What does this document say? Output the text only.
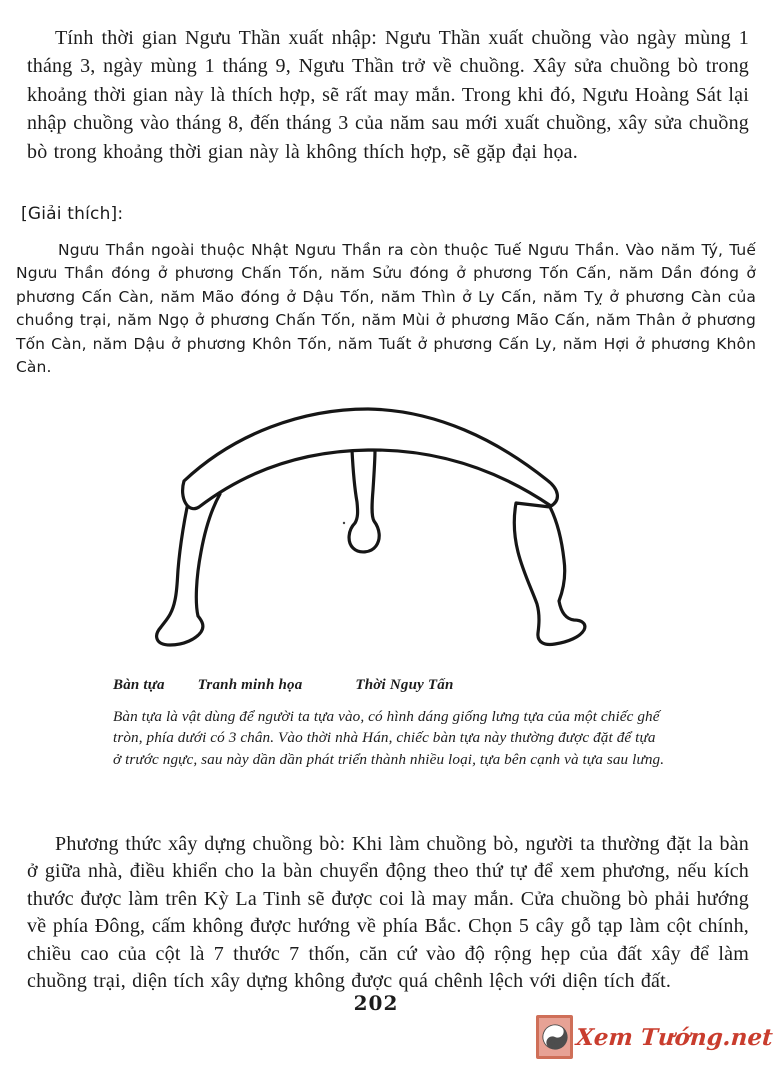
Tính thời gian Ngưu Thần xuất nhập: Ngưu Thần xuất chuồng vào ngày mùng 1 tháng 3, ngày mùng 1 tháng 9, Ngưu Thần trở về chuồng. Xây sửa chuồng bò trong khoảng thời gian này là thích hợp, sẽ rất may mắn. Trong khi đó, Ngưu Hoàng Sát lại nhập chuồng vào tháng 8, đến tháng 3 của năm sau mới xuất chuồng, xây sửa chuồng bò trong khoảng thời gian này là không thích hợp, sẽ gặp đại họa.

[Giải thích]:

Ngưu Thần ngoài thuộc Nhật Ngưu Thần ra còn thuộc Tuế Ngưu Thần. Vào năm Tý, Tuế Ngưu Thần đóng ở phương Chấn Tốn, năm Sửu đóng ở phương Tốn Cấn, năm Dần đóng ở phương Cấn Càn, năm Mão đóng ở Dậu Tốn, năm Thìn ở Ly Cấn, năm Tỵ ở phương Càn của chuồng trại, năm Ngọ ở phương Chấn Tốn, năm Mùi ở phương Mão Cấn, năm Thân ở phương Tốn Càn, năm Dậu ở phương Khôn Tốn, năm Tuất ở phương Cấn Ly, năm Hợi ở phương Khôn Càn.

Bàn tựa Tranh minh họa	Thời Nguy Tấn

Bàn tựa là vật dùng để người ta tựa vào, có hình dáng giống lưng tựa của một chiếc ghế tròn, phía dưới có 3 chân. Vào thời nhà Hán, chiếc bàn tựa này thường được đặt để tựa ở trước ngực, sau này dần dần phát triển thành nhiều loại, tựa bên cạnh và tựa sau lưng.

Phương thức xây dựng chuồng bò: Khi làm chuồng bò, người ta thường đặt la bàn ở giữa nhà, điều khiển cho la bàn chuyển động theo thứ tự để xem phương, nếu kích thước được làm trên Kỳ La Tinh sẽ được coi là may mắn. Cửa chuồng bò phải hướng về phía Đông, cấm không được hướng về phía Bắc. Chọn 5 cây gỗ tạp làm cột chính, chiều cao của cột là 7 thước 7 thốn, căn cứ vào độ rộng hẹp của đất xây để làm chuồng trại, diện tích xây dựng không được quá chênh lệch với diện tích đất.

202
Xem Tướng.net
